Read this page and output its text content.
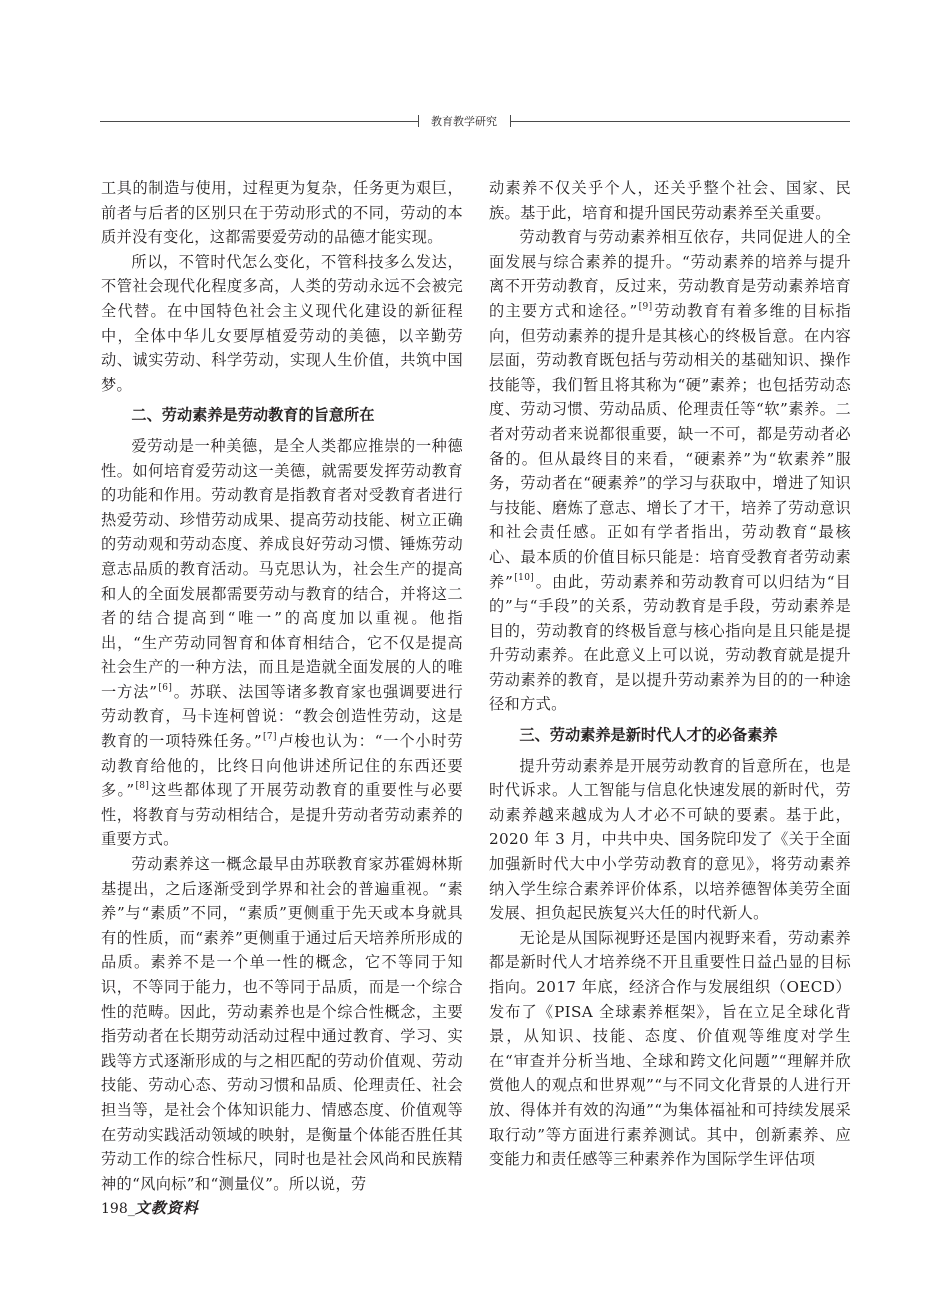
教育教学研究

工具的制造与使用，过程更为复杂，任务更为艰巨，前者与后者的区别只在于劳动形式的不同，劳动的本质并没有变化，这都需要爱劳动的品德才能实现。

所以，不管时代怎么变化，不管科技多么发达，不管社会现代化程度多高，人类的劳动永远不会被完全代替。在中国特色社会主义现代化建设的新征程中，全体中华儿女要厚植爱劳动的美德，以辛勤劳动、诚实劳动、科学劳动，实现人生价值，共筑中国梦。

二、劳动素养是劳动教育的旨意所在

爱劳动是一种美德，是全人类都应推崇的一种德性。如何培育爱劳动这一美德，就需要发挥劳动教育的功能和作用。劳动教育是指教育者对受教育者进行热爱劳动、珍惜劳动成果、提高劳动技能、树立正确的劳动观和劳动态度、养成良好劳动习惯、锤炼劳动意志品质的教育活动。马克思认为，社会生产的提高和人的全面发展都需要劳动与教育的结合，并将这二者的结合提高到“唯一”的高度加以重视。他指出，“生产劳动同智育和体育相结合，它不仅是提高社会生产的一种方法，而且是造就全面发展的人的唯一方法”[6]。苏联、法国等诸多教育家也强调要进行劳动教育，马卡连柯曾说：“教会创造性劳动，这是教育的一项特殊任务。”[7]卢梭也认为：“一个小时劳动教育给他的，比终日向他讲述所记住的东西还要多。”[8]这些都体现了开展劳动教育的重要性与必要性，将教育与劳动相结合，是提升劳动者劳动素养的重要方式。

劳动素养这一概念最早由苏联教育家苏霍姆林斯基提出，之后逐渐受到学界和社会的普遍重视。“素养”与“素质”不同，“素质”更侧重于先天或本身就具有的性质，而“素养”更侧重于通过后天培养所形成的品质。素养不是一个单一性的概念，它不等同于知识，不等同于能力，也不等同于品质，而是一个综合性的范畴。因此，劳动素养也是个综合性概念，主要指劳动者在长期劳动活动过程中通过教育、学习、实践等方式逐渐形成的与之相匹配的劳动价值观、劳动技能、劳动心态、劳动习惯和品质、伦理责任、社会担当等，是社会个体知识能力、情感态度、价值观等在劳动实践活动领域的映射，是衡量个体能否胜任其劳动工作的综合性标尺，同时也是社会风尚和民族精神的“风向标”和“测量仪”。所以说，劳

动素养不仅关乎个人，还关乎整个社会、国家、民族。基于此，培育和提升国民劳动素养至关重要。

劳动教育与劳动素养相互依存，共同促进人的全面发展与综合素养的提升。“劳动素养的培养与提升离不开劳动教育，反过来，劳动教育是劳动素养培育的主要方式和途径。”[9]劳动教育有着多维的目标指向，但劳动素养的提升是其核心的终极旨意。在内容层面，劳动教育既包括与劳动相关的基础知识、操作技能等，我们暂且将其称为“硬”素养；也包括劳动态度、劳动习惯、劳动品质、伦理责任等“软”素养。二者对劳动者来说都很重要，缺一不可，都是劳动者必备的。但从最终目的来看，“硬素养”为“软素养”服务，劳动者在“硬素养”的学习与获取中，增进了知识与技能、磨炼了意志、增长了才干，培养了劳动意识和社会责任感。正如有学者指出，劳动教育“最核心、最本质的价值目标只能是：培育受教育者劳动素养”[10]。由此，劳动素养和劳动教育可以归结为“目的”与“手段”的关系，劳动教育是手段，劳动素养是目的，劳动教育的终极旨意与核心指向是且只能是提升劳动素养。在此意义上可以说，劳动教育就是提升劳动素养的教育，是以提升劳动素养为目的的一种途径和方式。

三、劳动素养是新时代人才的必备素养

提升劳动素养是开展劳动教育的旨意所在，也是时代诉求。人工智能与信息化快速发展的新时代，劳动素养越来越成为人才必不可缺的要素。基于此，2020 年 3 月，中共中央、国务院印发了《关于全面加强新时代大中小学劳动教育的意见》，将劳动素养纳入学生综合素养评价体系，以培养德智体美劳全面发展、担负起民族复兴大任的时代新人。

无论是从国际视野还是国内视野来看，劳动素养都是新时代人才培养绕不开且重要性日益凸显的目标指向。2017 年底，经济合作与发展组织（OECD）发布了《PISA 全球素养框架》，旨在立足全球化背景，从知识、技能、态度、价值观等维度对学生在“审查并分析当地、全球和跨文化问题”“理解并欣赏他人的观点和世界观”“与不同文化背景的人进行开放、得体并有效的沟通”“为集体福祉和可持续发展采取行动”等方面进行素养测试。其中，创新素养、应变能力和责任感等三种素养作为国际学生评估项

198_文教资料
